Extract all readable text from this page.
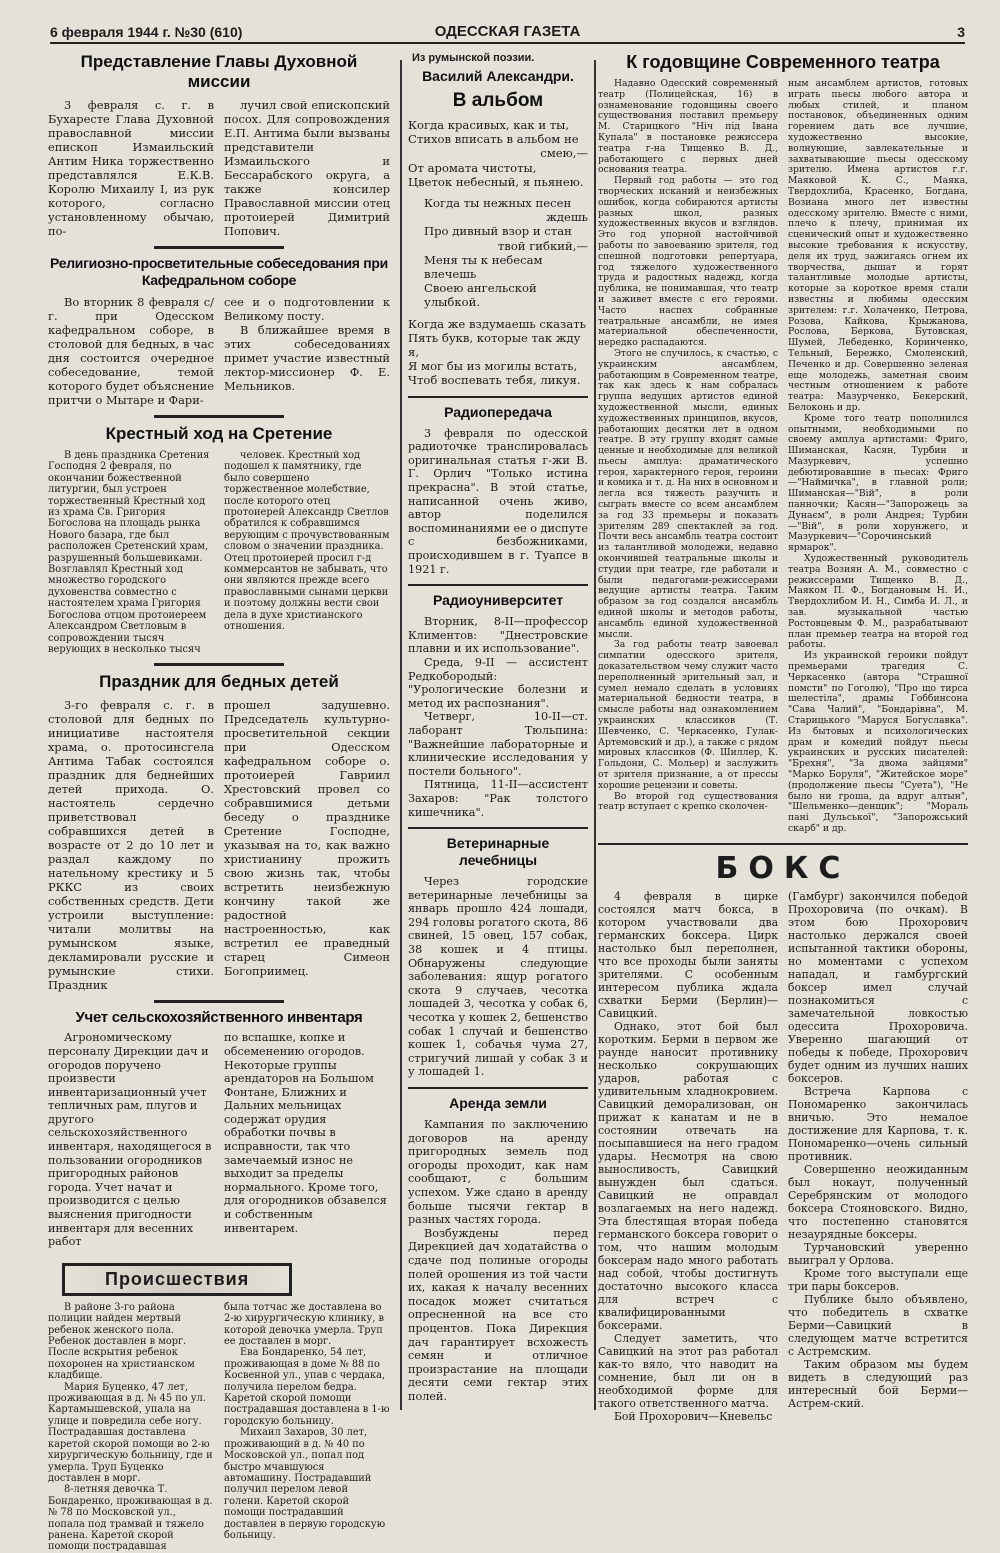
6 февраля 1944 г. №30 (610)	ОДЕССКАЯ ГАЗЕТА	3
Представление Главы Духовной миссии

3 февраля с. г. в Бухаресте Глава Духовной православной миссии епископ Измаильский Антим Ника торжественно представлялся Е.К.В. Королю Михаилу I, из рук которого, согласно установленному обычаю, по-

лучил свой епископский посох. Для сопровождения Е.П. Антима были вызваны представители Измаильского и Бессарабского округа, а также консилер Православной миссии отец протоиерей Димитрий Попович.

Религиозно-просветительные собеседования при Кафедральном соборе

Во вторник 8 февраля с/г. при Одесском кафедральном соборе, в столовой для бедных, в час дня состоится очередное собеседование, темой которого будет объяснение притчи о Мытаре и Фари-

сее и о подготовлении к Великому посту.

В ближайшее время в этих собеседованиях примет участие известный лектор-миссионер Ф. Е. Мельников.

Крестный ход на Сретение

В день праздника Сретения Господня 2 февраля, по окончании божественной литургии, был устроен торжественный Крестный ход из храма Св. Григория Богослова на площадь рынка Нового базара, где был расположен Сретенский храм, разрушенный большевиками. Возглавлял Крестный ход множество городского духовенства совместно с настоятелем храма Григория Богослова отцом протоиереем Александром Светловым в сопровождении тысяч верующих в несколько тысяч

человек. Крестный ход подошел к памятнику, где было совершено торжественное молебствие, после которого отец протоиерей Александр Светлов обратился к собравшимся верующим с прочувствованным словом о значении праздника. Отец протоиерей просил г-д коммерсантов не забывать, что они являются прежде всего православными сынами церкви и поэтому должны вести свои дела в духе христианского отношения.

Праздник для бедных детей

3-го февраля с. г. в столовой для бедных по инициативе настоятеля храма, о. протосинсгела Антима Табак состоялся праздник для беднейших детей прихода. О. настоятель сердечно приветствовал собравшихся детей в возрасте от 2 до 10 лет и раздал каждому по нательному крестику и 5 РККС из своих собственных средств. Дети устроили выступление: читали молитвы на румынском языке, декламировали русские и румынские стихи. Праздник

прошел задушевно. Председатель культурно-просветительной секции при Одесском кафедральном соборе о. протоиерей Гавриил Хрестовский провел со собравшимися детьми беседу о празднике Сретение Господне, указывая на то, как важно христианину прожить свою жизнь так, чтобы встретить неизбежную кончину такой же радостной настроенностью, как встретил ее праведный старец Симеон Богоприимец.

Учет сельскохозяйственного инвентаря

Агрономическому персоналу Дирекции дач и огородов поручено произвести инвентаризационный учет тепличных рам, плугов и другого сельскохозяйственного инвентаря, находящегося в пользовании огородников пригородных районов города. Учет начат и производится с целью выяснения пригодности инвентаря для весенних работ

по вспашке, копке и обсеменению огородов. Некоторые группы арендаторов на Большом Фонтане, Ближних и Дальних мельницах содержат орудия обработки почвы в исправности, так что замечаемый износ не выходит за пределы нормального. Кроме того, для огородников обзавелся и собственным инвентарем.

Происшествия

В районе 3-го района полиции найден мертвый ребенок женского пола. Ребенок доставлен в морг. После вскрытия ребенок похоронен на христианском кладбище.

Мария Буценко, 47 лет, проживающая в д. № 45 по ул. Картамышевской, упала на улице и повредила себе ногу. Пострадавшая доставлена каретой скорой помощи во 2-ю хирургическую больницу, где и умерла. Труп Буценко доставлен в морг.

8-летняя девочка Т. Бондаренко, проживающая в д. № 78 по Московской ул., попала под трамвай и тяжело ранена. Каретой скорой помощи пострадавшая

была тотчас же доставлена во 2-ю хирургическую клинику, в которой девочка умерла. Труп ее доставлен в морг.

Ева Бондаренко, 54 лет, проживающая в доме № 88 по Косвенной ул., упав с чердака, получила перелом бедра. Каретой скорой помощи пострадавшая доставлена в 1-ю городскую больницу.

Михаил Захаров, 30 лет, проживающий в д. № 40 по Московской ул., попал под быстро мчавшуюся автомашину. Пострадавший получил перелом левой голени. Каретой скорой помощи пострадавший доставлен в первую городскую больницу.

Из румынской поэзии.
Василий Александри.
В альбом
Когда красивых, как и ты,
Стихов вписать в альбом не
смею,—
От аромата чистоты,
Цветок небесный, я пьянею.
Когда ты нежных песен
ждешь
Про дивный взор и стан
твой гибкий,—
Меня ты к небесам влечешь
Своею ангельской улыбкой.
Когда же вздумаешь сказать
Пять букв, которые так жду я,
Я мог бы из могилы встать,
Чтоб воспевать тебя, ликуя.
Радиопередача

3 февраля по одесской радиоточке транслировалась оригинальная статья г-жи В. Г. Орлич "Только истина прекрасна". В этой статье, написанной очень живо, автор поделился воспоминаниями ее о диспуте с безбожниками, происходившем в г. Туапсе в 1921 г.

Радиоуниверситет

Вторник, 8-II—профессор Климентов: "Днестровские плавни и их использование".

Среда, 9-II — ассистент Редкобородый: "Урологические болезни и метод их распознания".

Четверг, 10-II—ст. лаборант Тюльпина: "Важнейшие лабораторные и клинические исследования у постели больного".

Пятница, 11-II—ассистент Захаров: "Рак толстого кишечника".

Ветеринарные лечебницы

Через городские ветеринарные лечебницы за январь прошло 424 лошади, 294 головы рогатого скота, 86 свиней, 15 овец, 157 собак, 38 кошек и 4 птицы. Обнаружены следующие заболевания: ящур рогатого скота 9 случаев, чесотка лошадей 3, чесотка у собак 6, чесотка у кошек 2, бешенство собак 1 случай и бешенство кошек 1, собачья чума 27, стригучий лишай у собак 3 и у лошадей 1.

Аренда земли

Кампания по заключению договоров на аренду пригородных земель под огороды проходит, как нам сообщают, с большим успехом. Уже сдано в аренду больше тысячи гектар в разных частях города.

Возбуждены перед Дирекцией дач ходатайства о сдаче под полиные огороды полей орошения из той части их, какая к началу весенних посадок может считаться опресненной на все сто процентов. Пока Дирекция дач гарантирует всхожесть семян и отличное произрастание на площади десяти семи гектар этих полей.

К годовщине Современного театра

Надавно Одесский современный театр (Полицейская, 16) в ознаменование годовщины своего существования поставил премьеру М. Старицкого "Ніч під Івана Купала" в постановке режиссера театра г-на Тищенко В. Д., работающего с первых дней основания театра.

Первый год работы — это год творческих исканий и неизбежных ошибок, когда собираются артисты разных школ, разных художественных вкусов и взглядов. Это год упорной настойчивой работы по завоеванию зрителя, год спешной подготовки репертуара, год тяжелого художественного труда и радостных надежд, когда публика, не понимавшая, что театр и заживет вместе с его героями. Часто наспех собранные театральные ансамбли, не имея материальной обеспеченности, нередко распадаются.

Этого не случилось, к счастью, с украинским ансамблем, работающим в Современном театре, так как здесь к нам собралась группа ведущих артистов единой художественной мысли, единых художественных принципов, вкусов, работающих десятки лет в одном театре. В эту группу входят самые ценные и необходимые для великой пьесы амплуа: драматического героя, характерного героя, героини и комика и т. д. На них в основном и легла вся тяжесть разучить и сыграть вместе со всем ансамблем за год 33 премьеры и показать зрителям 289 спектаклей за год. Почти весь ансамбль театра состоит из талантливой молодежи, недавно окончившей театральные школы и студии при театре, где работали и были педагогами-режиссерами ведущие артисты театра. Таким образом за год создался ансамбль единой школы и методов работы, ансамбль единой художественной мысли.

За год работы театр завоевал симпатии одесского зрителя, доказательством чему служит часто переполненный зрительный зал, и сумел немало сделать в условиях материальной бедности театра, в смысле работы над ознакомлением украинских классиков (Т. Шевченко, С. Черкасенко, Гулак-Артемовский и др.), а также с рядом мировых классиков (Ф. Шиллер, К. Гольдони, С. Мольер) и заслужить от зрителя признание, а от прессы хорошие рецензии и советы.

Во второй год существования театр вступает с крепко сколочен-

ным ансамблем артистов, готовых играть пьесы любого автора и любых стилей, и планом постановок, объединенных одним горением дать все лучшие, художественно высокие, волнующие, завлекательные и захватывающие пьесы одесскому зрителю. Имена артистов г.г. Маяковой К. С., Маяка, Твердохлиба, Красенко, Богдана, Возиана много лет известны одесскому зрителю. Вместе с ними, плечо к плечу, принимая их сценический опыт и художественно высокие требования к искусству, деля их труд, зажигаясь огнем их творчества, дышат и горят талантливые молодые артисты, которые за короткое время стали известны и любимы одесским зрителем: г.г. Холаченко, Петрова, Розова, Кайкова, Крыжанова, Рослова, Беркова, Бутовская, Шумей, Лебеденко, Коринченко, Тельный, Бережко, Смоленский, Печенко и др. Совершенно зеленая еще молодежь, заметная своим честным отношением к работе театра: Мазурченко, Бекерский, Белоконь и др.

Кроме того театр пополнился опытными, необходимыми по своему амплуа артистами: Фриго, Шиманская, Касян, Турбин и Мазуркевич, успешно дебютировавшие в пьесах: Фриго—"Наймичка", в главной роли; Шиманская—"Вій", в роли панночки; Касян—"Запорожець за Дунаєм", в роли Андрея; Турбин—"Вій", в роли хорунжего, и Мазуркевич—"Сорочинський ярмарок".

Художественный руководитель театра Возиян А. М., совместно с режиссерами Тищенко В. Д., Маяком П. Ф., Богдановым Н. И., Твердохлибом И. Н., Симба И. Л., и зав. музыкальной частью Ростовцевым Ф. М., разрабатывают план премьер театра на второй год работы.

Из украинской героики пойдут премьерами трагедия С. Черкасенко (автора "Страшної помсти" по Гоголю), "Про що тирса шелестіла", драмы Гоббинсона "Сава Чалий", "Бондарівна", М. Старицького "Маруся Богуславка". Из бытовых и психологических драм и комедий пойдут пьесы украинских и русских писателей: "Брехня", "За двома зайцями" "Марко Боруля", "Житейское море" (продолжение пьесы "Суета"), "Не было ни гроша, да вдруг алтын", "Шельменко—денщик"; "Мораль пані Дульської", "Запорожський скарб" и др.

БОКС

4 февраля в цирке состоялся матч бокса, в котором участвовали два германских боксера. Цирк настолько был переполнен, что все проходы были заняты зрителями. С особенным интересом публика ждала схватки Берми (Берлин)—Савицкий.

Однако, этот бой был коротким. Берми в первом же раунде наносит противнику несколько сокрушающих ударов, работая с удивительным хладнокровием. Савицкий деморализован, он прижат к канатам и не в состоянии отвечать на посыпавшиеся на него градом удары. Несмотря на свою выносливость, Савицкий вынужден был сдаться. Савицкий не оправдал возлагаемых на него надежд. Эта блестящая вторая победа германского боксера говорит о том, что нашим молодым боксерам надо много работать над собой, чтобы достигнуть достаточно высокого класса для встреч с квалифицированными боксерами.

Следует заметить, что Савицкий на этот раз работал как-то вяло, что наводит на сомнение, был ли он в необходимой форме для такого ответственного матча.

Бой Прохорович—Кневельс

(Гамбург) закончился победой Прохоровича (по очкам). В этом бою Прохорович настолько держался своей испытанной тактики обороны, но моментами с успехом нападал, и гамбургский боксер имел случай познакомиться с замечательной ловкостью одессита Прохоровича. Уверенно шагающий от победы к победе, Прохорович будет одним из лучших наших боксеров.

Встреча Карпова с Пономаренко закончилась вничью. Это немалое достижение для Карпова, т. к. Пономаренко—очень сильный противник.

Совершенно неожиданным был нокаут, полученный Серебрянским от молодого боксера Стояновского. Видно, что постепенно становятся незаурядные боксеры.

Турчановский уверенно выиграл у Орлова.

Кроме того выступали еще три пары боксеров.

Публике было объявлено, что победитель в схватке Берми—Савицкий в следующем матче встретится с Астремским.

Таким образом мы будем видеть в следующий раз интересный бой Берми—Астрем-ский.
